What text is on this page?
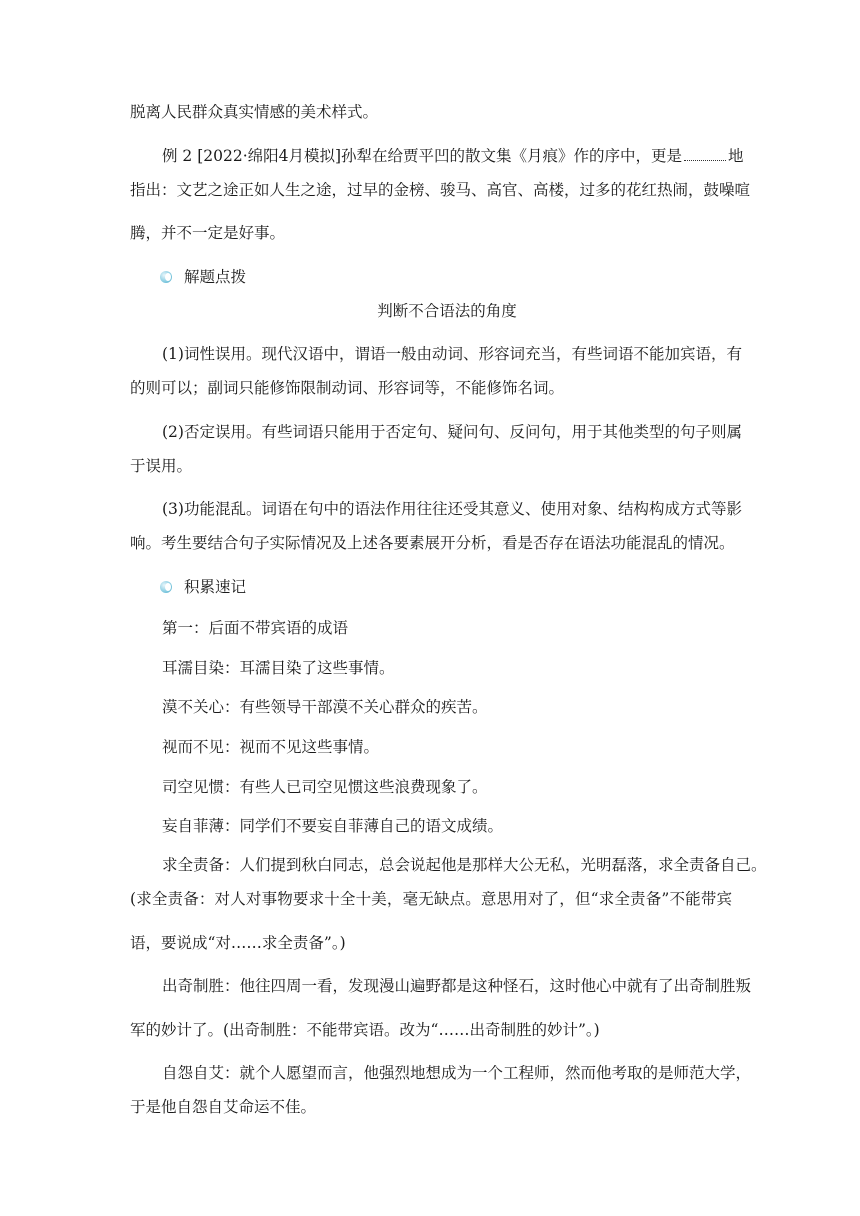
脱离人民群众真实情感的美术样式。
例 2 [2022·绵阳4月模拟]孙犁在给贾平凹的散文集《月痕》作的序中，更是	地
指出：文艺之途正如人生之途，过早的金榜、骏马、高官、高楼，过多的花红热闹，鼓噪喧
腾，并不一定是好事。
解题点拨
判断不合语法的角度
(1)词性误用。现代汉语中，谓语一般由动词、形容词充当，有些词语不能加宾语，有
的则可以；副词只能修饰限制动词、形容词等，不能修饰名词。
(2)否定误用。有些词语只能用于否定句、疑问句、反问句，用于其他类型的句子则属
于误用。
(3)功能混乱。词语在句中的语法作用往往还受其意义、使用对象、结构构成方式等影
响。考生要结合句子实际情况及上述各要素展开分析，看是否存在语法功能混乱的情况。
积累速记
第一：后面不带宾语的成语
耳濡目染：耳濡目染了这些事情。
漠不关心：有些领导干部漠不关心群众的疾苦。
视而不见：视而不见这些事情。
司空见惯：有些人已司空见惯这些浪费现象了。
妄自菲薄：同学们不要妄自菲薄自己的语文成绩。
求全责备：人们提到秋白同志，总会说起他是那样大公无私，光明磊落，求全责备自己。
(求全责备：对人对事物要求十全十美，毫无缺点。意思用对了，但“求全责备”不能带宾
语，要说成“对……求全责备”。)
出奇制胜：他往四周一看，发现漫山遍野都是这种怪石，这时他心中就有了出奇制胜叛
军的妙计了。(出奇制胜：不能带宾语。改为“……出奇制胜的妙计”。)
自怨自艾：就个人愿望而言，他强烈地想成为一个工程师，然而他考取的是师范大学，
于是他自怨自艾命运不佳。
